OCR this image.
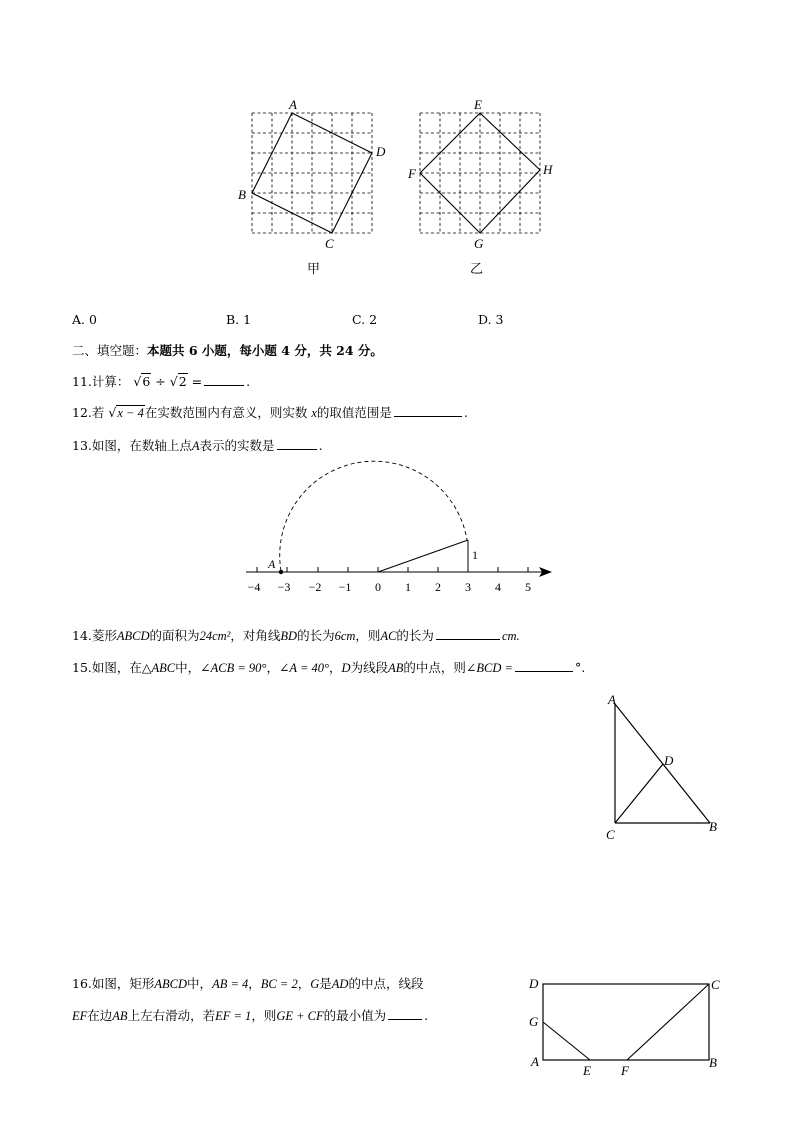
A
D
B
C
甲
E
H
F
G
乙
A. 0	B. 1	C. 2	D. 3
二、填空题：本题共 6 小题，每小题 4 分，共 24 分。
11.计算： √6 ÷ √2 =	.
12.若 √x − 4在实数范围内有意义，则实数 x的取值范围是	.
13.如图，在数轴上点A表示的实数是	.
A
1
−4 −3 −2 −1 0 1 2 3 4 5
14.菱形ABCD的面积为24cm²，对角线BD的长为6cm，则AC的长为	cm.
15.如图，在△ABC中，∠ACB = 90°，∠A = 40°，D为线段AB的中点，则∠BCD =	°.
A
D
C
B
16.如图，矩形ABCD中，AB = 4，BC = 2，G是AD的中点，线段
EF在边AB上左右滑动，若EF = 1，则GE + CF的最小值为	.
D	C
G
A	B
E F
